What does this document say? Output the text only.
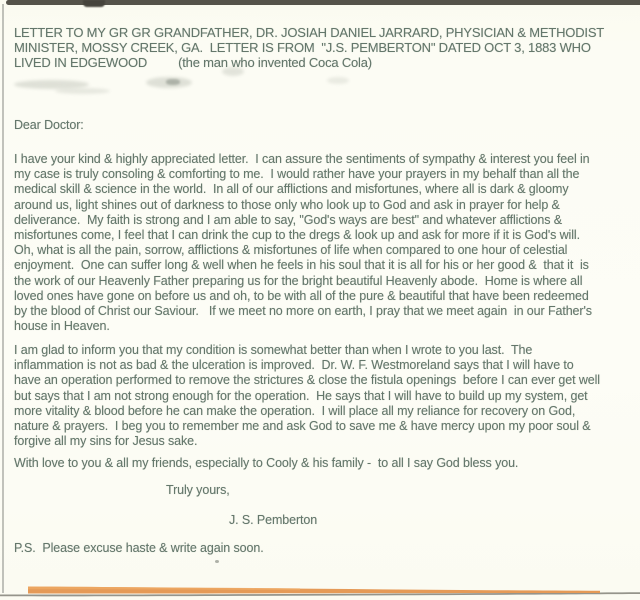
LETTER TO MY GR GR GRANDFATHER, DR. JOSIAH DANIEL JARRARD, PHYSICIAN & METHODIST
MINISTER, MOSSY CREEK, GA.  LETTER IS FROM  "J.S. PEMBERTON" DATED OCT 3, 1883 WHO
LIVED IN EDGEWOOD (the man who invented Coca Cola)
Dear Doctor:
I have your kind & highly appreciated letter.  I can assure the sentiments of sympathy & interest you feel in
my case is truly consoling & comforting to me.  I would rather have your prayers in my behalf than all the
medical skill & science in the world.  In all of our afflictions and misfortunes, where all is dark & gloomy
around us, light shines out of darkness to those only who look up to God and ask in prayer for help &
deliverance.  My faith is strong and I am able to say, "God's ways are best" and whatever afflictions &
misfortunes come, I feel that I can drink the cup to the dregs & look up and ask for more if it is God's will.
Oh, what is all the pain, sorrow, afflictions & misfortunes of life when compared to one hour of celestial
enjoyment.  One can suffer long & well when he feels in his soul that it is all for his or her good &  that it  is
the work of our Heavenly Father preparing us for the bright beautiful Heavenly abode.  Home is where all
loved ones have gone on before us and oh, to be with all of the pure & beautiful that have been redeemed
by the blood of Christ our Saviour.   If we meet no more on earth, I pray that we meet again  in our Father's
house in Heaven.
I am glad to inform you that my condition is somewhat better than when I wrote to you last.  The
inflammation is not as bad & the ulceration is improved.  Dr. W. F. Westmoreland says that I will have to
have an operation performed to remove the strictures & close the fistula openings  before I can ever get well
but says that I am not strong enough for the operation.  He says that I will have to build up my system, get
more vitality & blood before he can make the operation.  I will place all my reliance for recovery on God,
nature & prayers.  I beg you to remember me and ask God to save me & have mercy upon my poor soul &
forgive all my sins for Jesus sake.
With love to you & all my friends, especially to Cooly & his family -  to all I say God bless you.
Truly yours,
J. S. Pemberton
P.S.  Please excuse haste & write again soon.
